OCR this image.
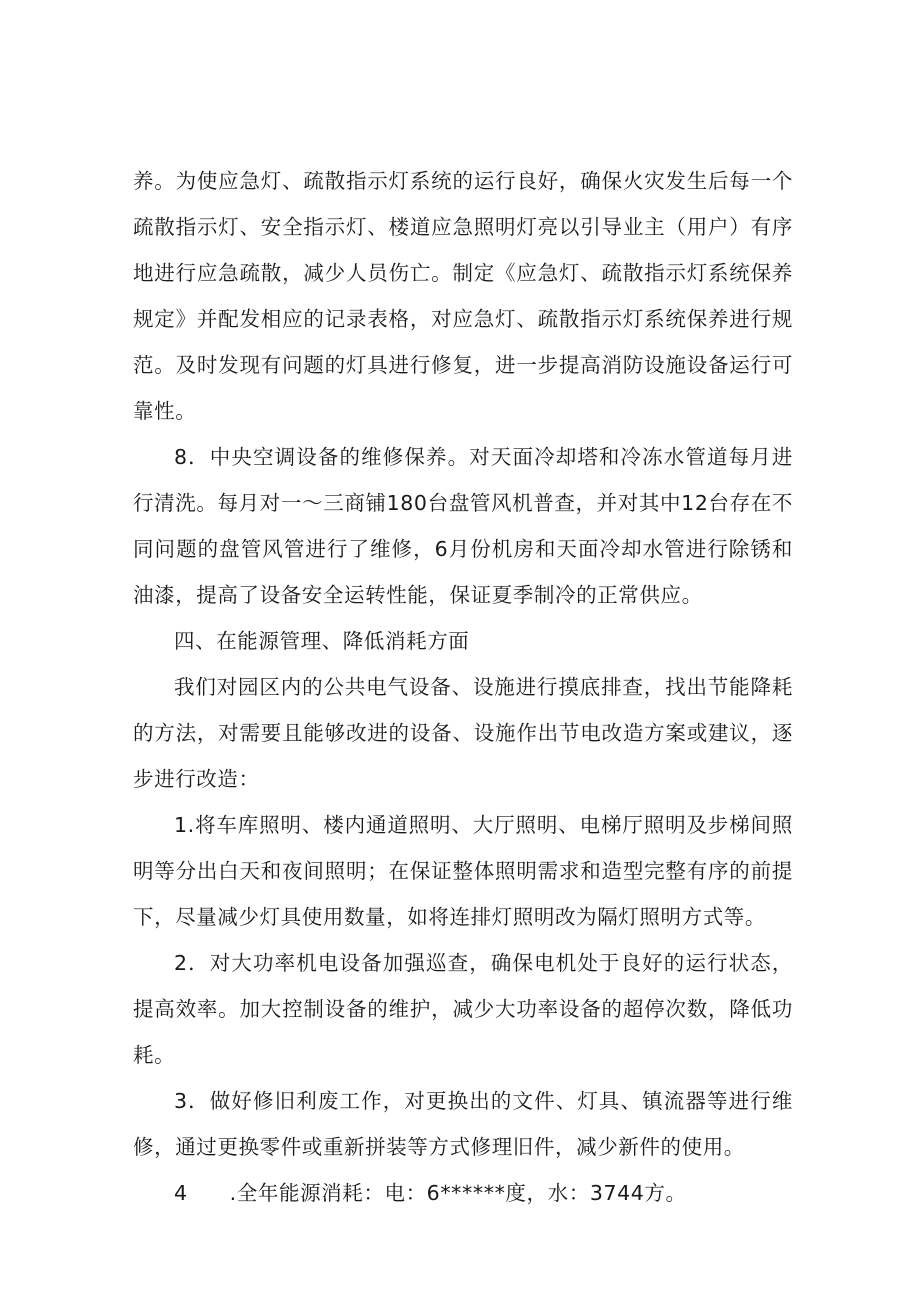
养。为使应急灯、疏散指示灯系统的运行良好，确保火灾发生后每一个疏散指示灯、安全指示灯、楼道应急照明灯亮以引导业主（用户）有序地进行应急疏散，减少人员伤亡。制定《应急灯、疏散指示灯系统保养规定》并配发相应的记录表格，对应急灯、疏散指示灯系统保养进行规范。及时发现有问题的灯具进行修复，进一步提高消防设施设备运行可靠性。

8．中央空调设备的维修保养。对天面冷却塔和冷冻水管道每月进行清洗。每月对一～三商铺180台盘管风机普查，并对其中12台存在不同问题的盘管风管进行了维修，6月份机房和天面冷却水管进行除锈和油漆，提高了设备安全运转性能，保证夏季制冷的正常供应。

四、在能源管理、降低消耗方面

我们对园区内的公共电气设备、设施进行摸底排查，找出节能降耗的方法，对需要且能够改进的设备、设施作出节电改造方案或建议，逐步进行改造：

1.将车库照明、楼内通道照明、大厅照明、电梯厅照明及步梯间照明等分出白天和夜间照明；在保证整体照明需求和造型完整有序的前提下，尽量减少灯具使用数量，如将连排灯照明改为隔灯照明方式等。

2．对大功率机电设备加强巡查，确保电机处于良好的运行状态，提高效率。加大控制设备的维护，减少大功率设备的超停次数，降低功耗。

3．做好修旧利废工作，对更换出的文件、灯具、镇流器等进行维修，通过更换零件或重新拼装等方式修理旧件，减少新件的使用。

4 .全年能源消耗：电：6******度，水：3744方。
